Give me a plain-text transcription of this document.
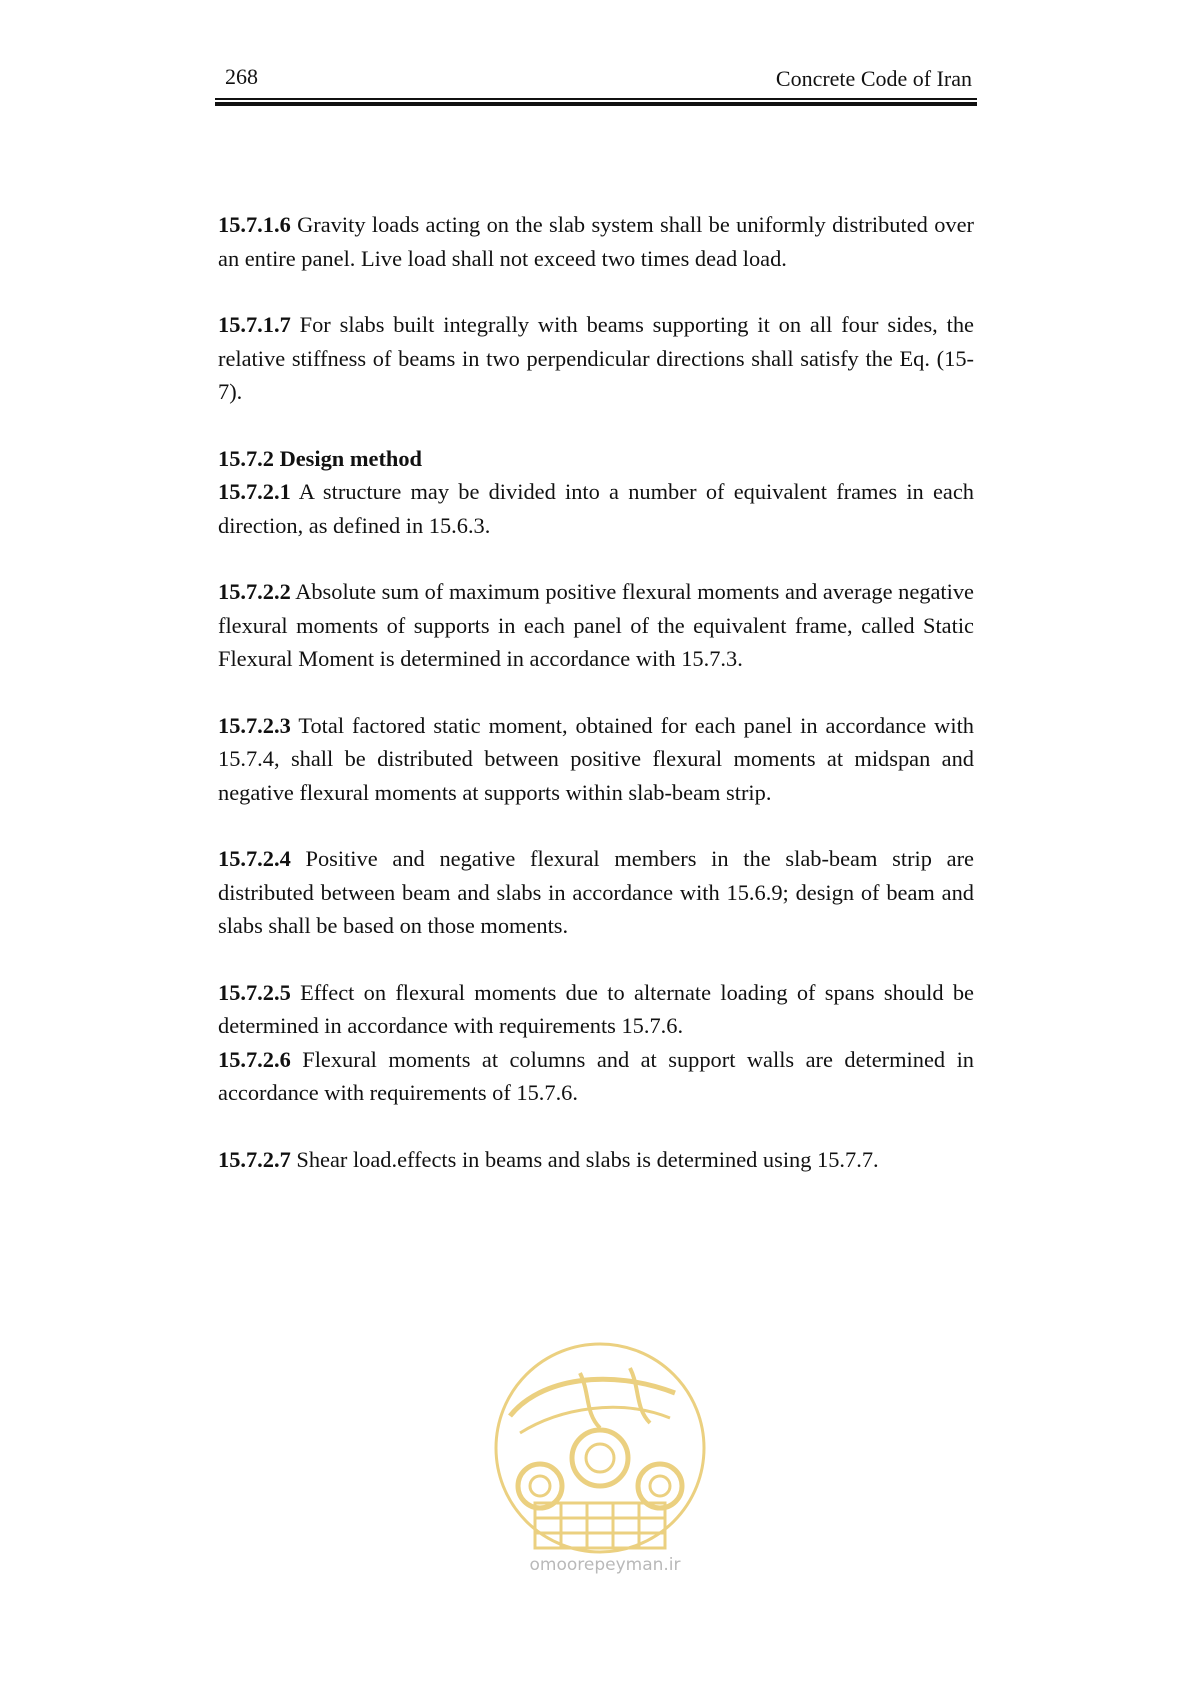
268	Concrete Code of Iran

15.7.1.6 Gravity loads acting on the slab system shall be uniformly distributed over an entire panel. Live load shall not exceed two times dead load.

15.7.1.7 For slabs built integrally with beams supporting it on all four sides, the relative stiffness of beams in two perpendicular directions shall satisfy the Eq. (15-7).

15.7.2 Design method

15.7.2.1 A structure may be divided into a number of equivalent frames in each direction, as defined in 15.6.3.

15.7.2.2 Absolute sum of maximum positive flexural moments and average negative flexural moments of supports in each panel of the equivalent frame, called Static Flexural Moment is determined in accordance with 15.7.3.

15.7.2.3 Total factored static moment, obtained for each panel in accordance with 15.7.4, shall be distributed between positive flexural moments at midspan and negative flexural moments at supports within slab-beam strip.

15.7.2.4 Positive and negative flexural members in the slab-beam strip are distributed between beam and slabs in accordance with 15.6.9; design of beam and slabs shall be based on those moments.

15.7.2.5 Effect on flexural moments due to alternate loading of spans should be determined in accordance with requirements 15.7.6.

15.7.2.6 Flexural moments at columns and at support walls are determined in accordance with requirements of 15.7.6.

15.7.2.7 Shear load.effects in beams and slabs is determined using 15.7.7.

omoorepeyman.ir
